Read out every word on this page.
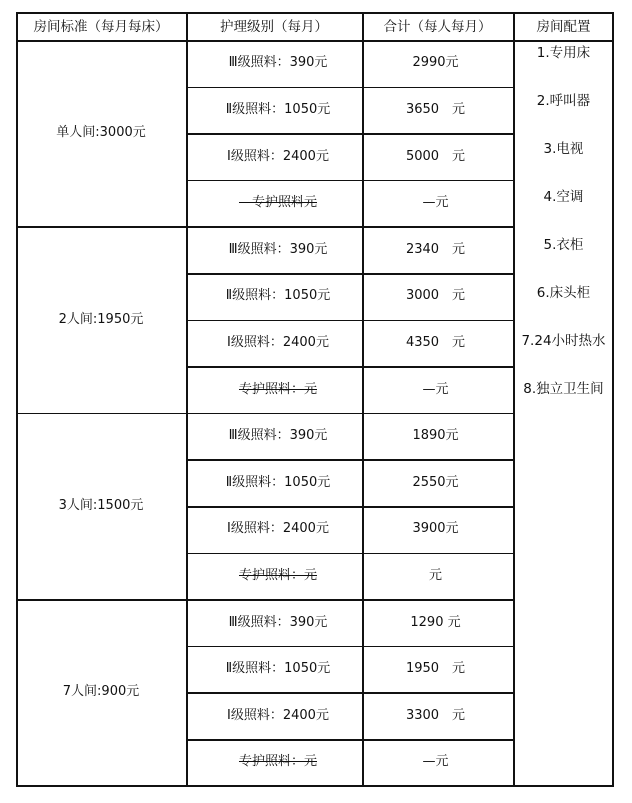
房间标准（每月每床）	护理级别（每月）	合计（每人每月）	房间配置
单人间:3000元
Ⅲ级照料：390元	2990元
Ⅱ级照料：1050元	3650　元
Ⅰ级照料：2400元	5000　元
—专护照料元	—元
2人间:1950元
Ⅲ级照料：390元	2340　元
Ⅱ级照料：1050元	3000　元
Ⅰ级照料：2400元	4350　元
专护照料：元	—元
3人间:1500元
Ⅲ级照料：390元	1890元
Ⅱ级照料：1050元	2550元
Ⅰ级照料：2400元	3900元
专护照料：元	元
7人间:900元
Ⅲ级照料：390元	1290 元
Ⅱ级照料：1050元	1950　元
Ⅰ级照料：2400元	3300　元
专护照料：元	—元
1.专用床
2.呼叫器
3.电视
4.空调
5.衣柜
6.床头柜
7.24小时热水
8.独立卫生间
